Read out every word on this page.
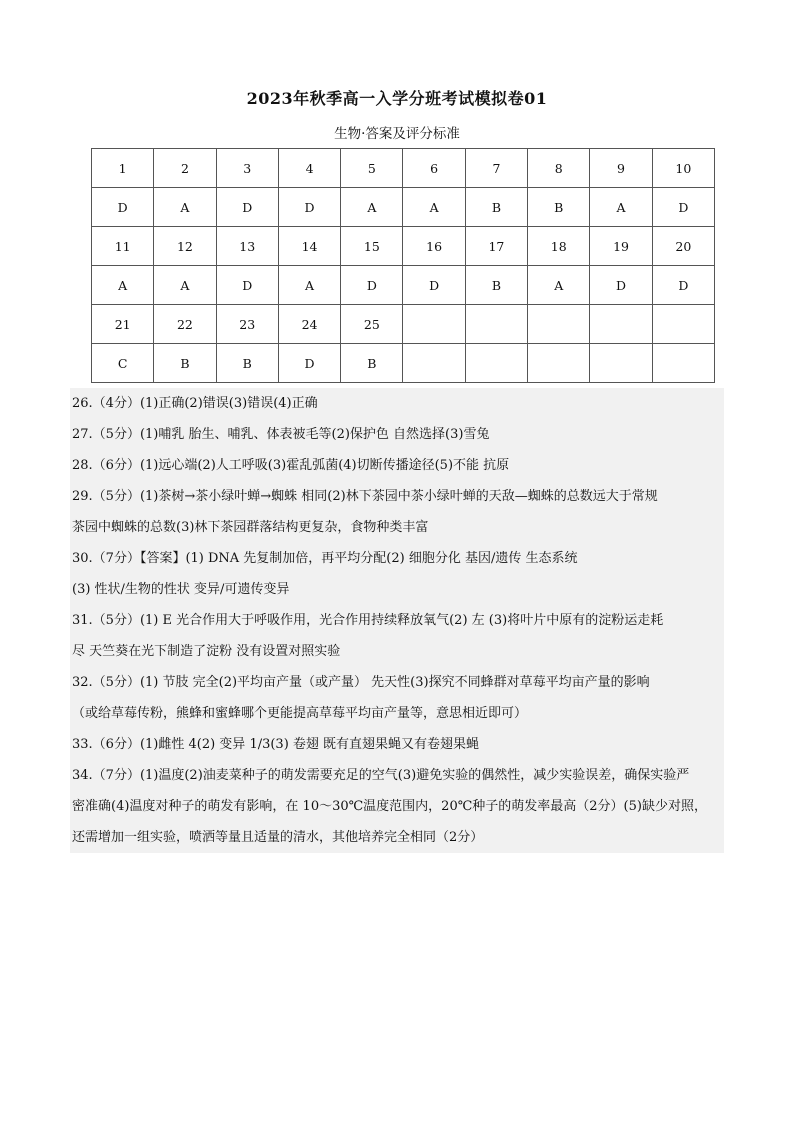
2023年秋季高一入学分班考试模拟卷01
生物·答案及评分标准
1	2	3	4	5	6	7	8	9	10
D	A	D	D	A	A	B	B	A	D
11	12	13	14	15	16	17	18	19	20
A	A	D	A	D	D	B	A	D	D
21	22	23	24	25					
C	B	B	D	B					
26.（4分）(1)正确(2)错误(3)错误(4)正确
27.（5分）(1)哺乳 胎生、哺乳、体表被毛等(2)保护色 自然选择(3)雪兔
28.（6分）(1)远心端(2)人工呼吸(3)霍乱弧菌(4)切断传播途径(5)不能 抗原
29.（5分）(1)茶树→茶小绿叶蝉→蜘蛛 相同(2)林下茶园中茶小绿叶蝉的天敌—蜘蛛的总数远大于常规
茶园中蜘蛛的总数(3)林下茶园群落结构更复杂，食物种类丰富
30.（7分）【答案】(1) DNA 先复制加倍，再平均分配(2) 细胞分化 基因/遗传 生态系统
(3) 性状/生物的性状 变异/可遗传变异
31.（5分）(1) E 光合作用大于呼吸作用，光合作用持续释放氧气(2) 左 (3)将叶片中原有的淀粉运走耗
尽 天竺葵在光下制造了淀粉 没有设置对照实验
32.（5分）(1) 节肢 完全(2)平均亩产量（或产量） 先天性(3)探究不同蜂群对草莓平均亩产量的影响
（或给草莓传粉，熊蜂和蜜蜂哪个更能提高草莓平均亩产量等，意思相近即可）
33.（6分）(1)雌性 4(2) 变异 1/3(3) 卷翅 既有直翅果蝇又有卷翅果蝇
34.（7分）(1)温度(2)油麦菜种子的萌发需要充足的空气(3)避免实验的偶然性，减少实验误差，确保实验严
密准确(4)温度对种子的萌发有影响，在 10～30℃温度范围内，20℃种子的萌发率最高（2分）(5)缺少对照，
还需增加一组实验，喷洒等量且适量的清水，其他培养完全相同（2分）
